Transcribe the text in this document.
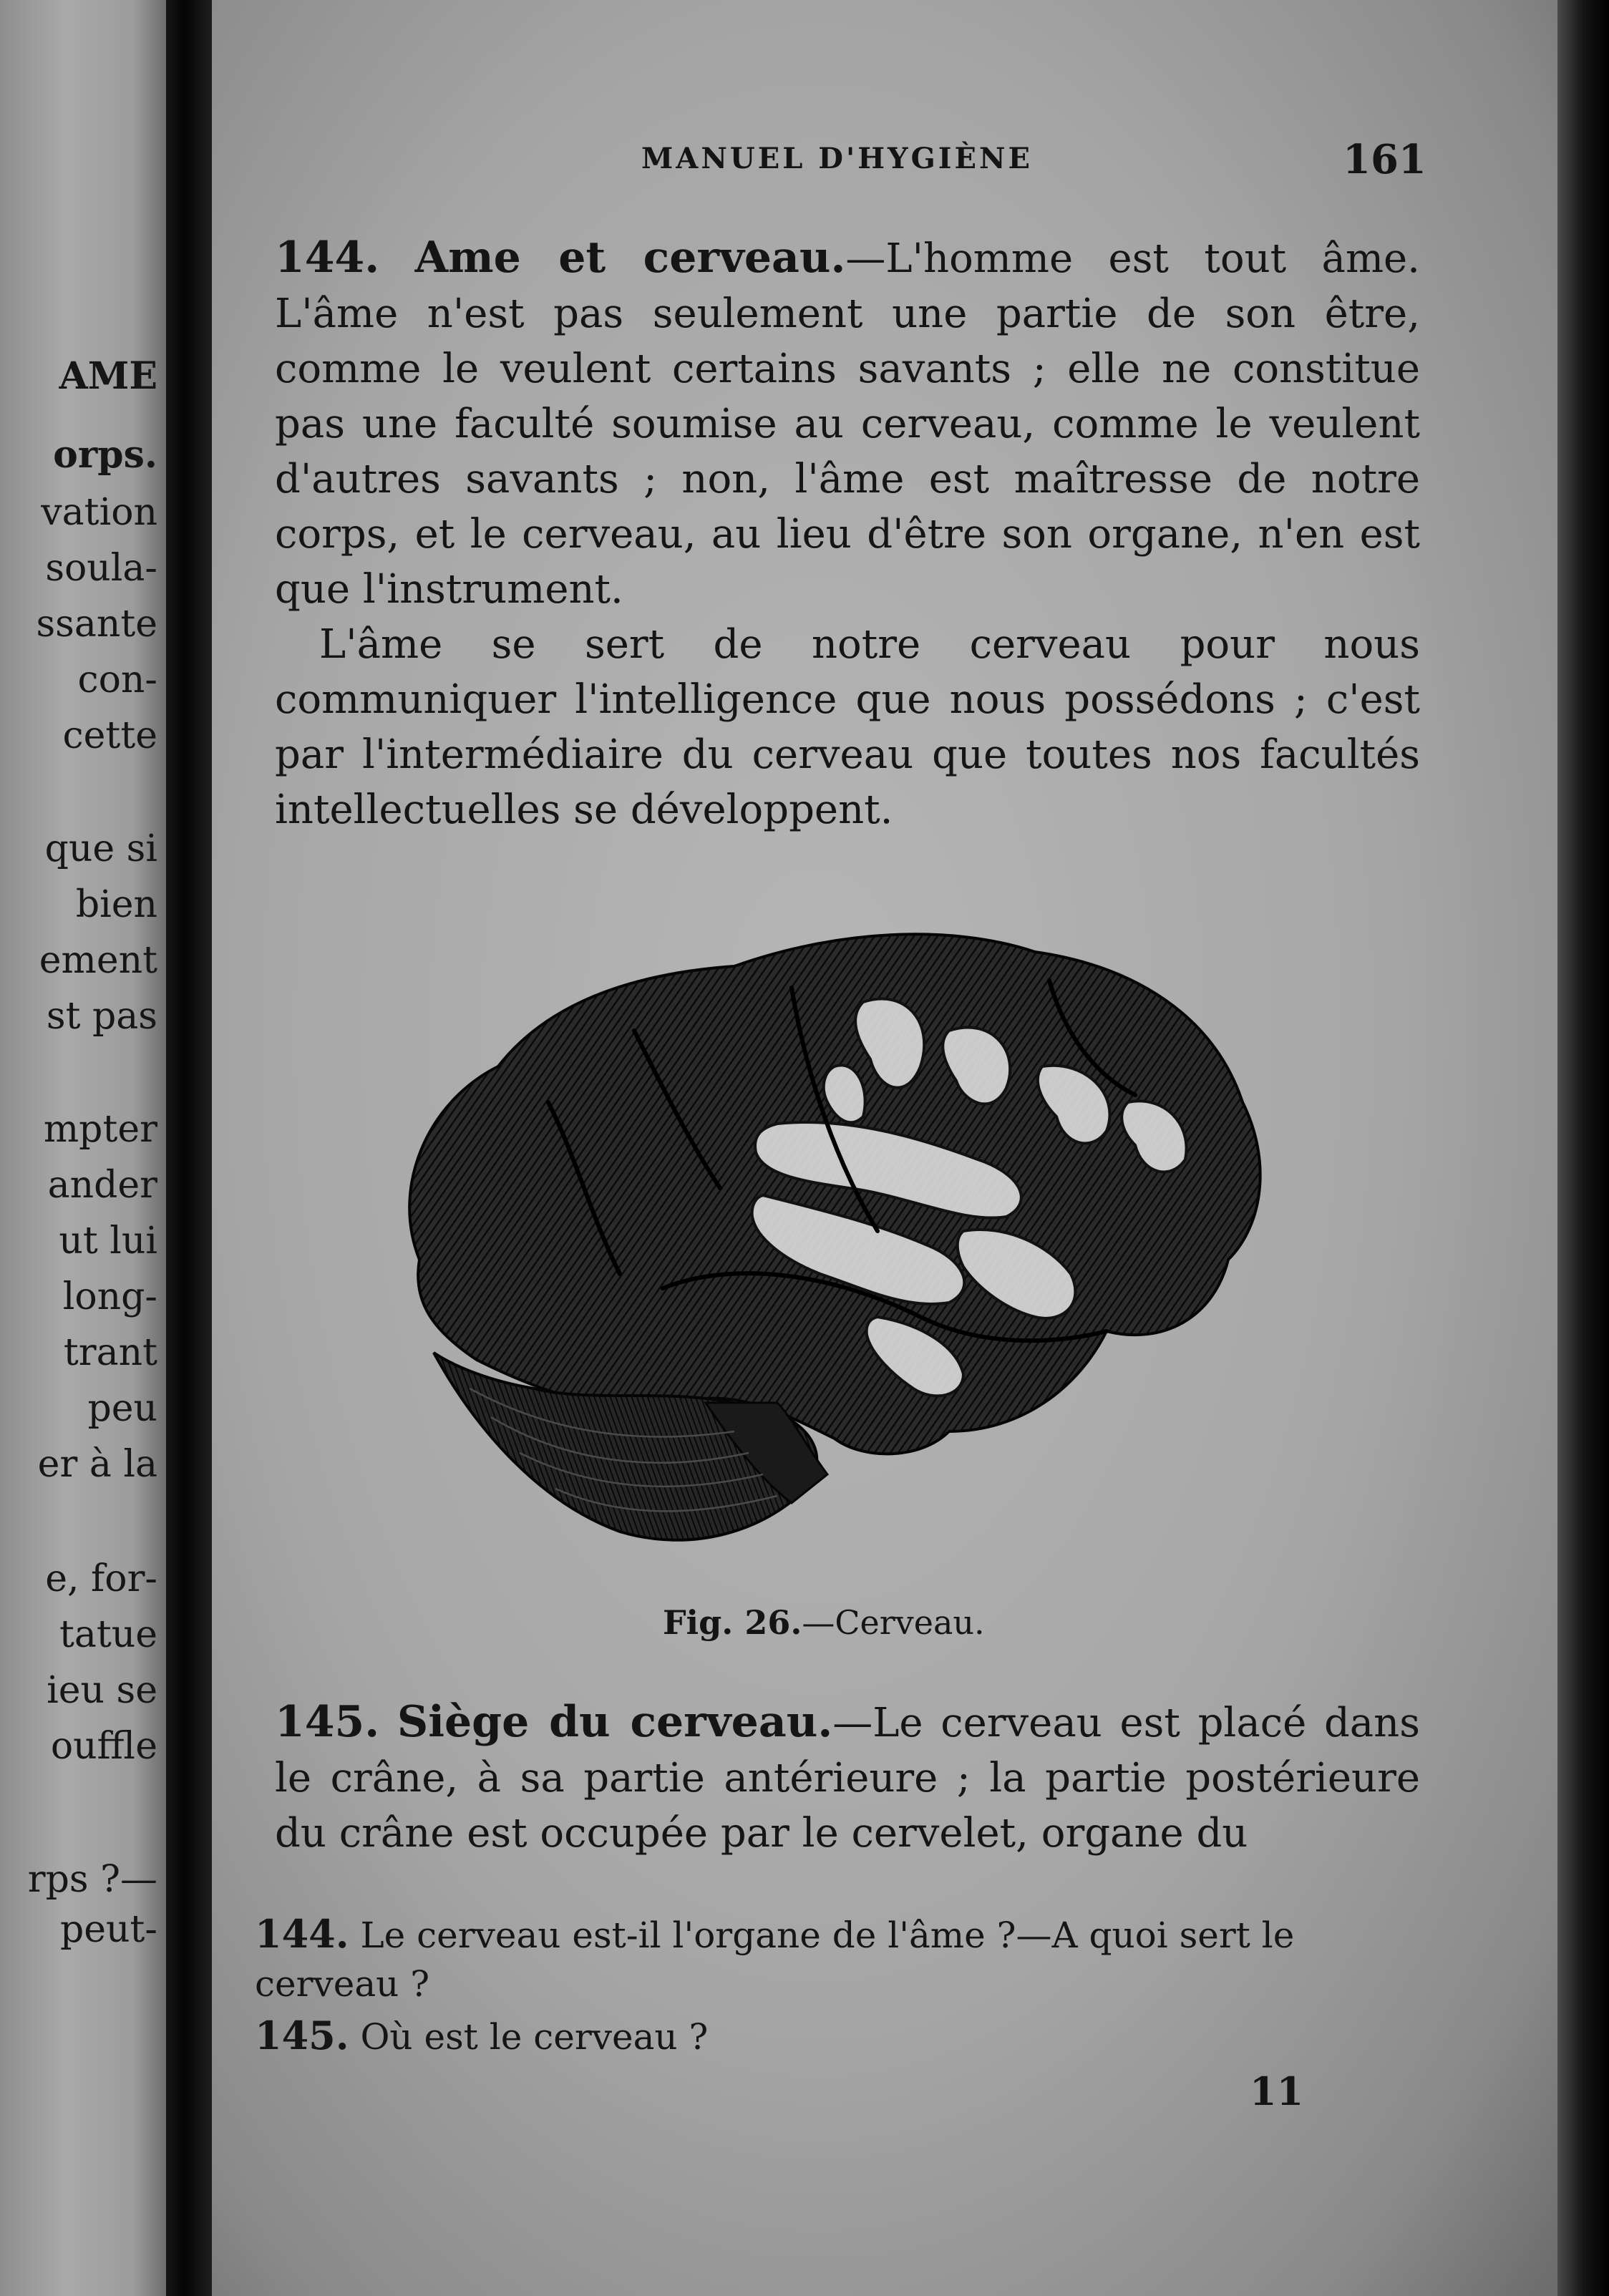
AME
orps.
vation
soula-
ssante
con-
cette
que si
bien
ement
st pas
mpter
ander
ut lui
long-
trant
peu
er à la
e, for-
tatue
ieu se
ouffle
rps ?—
peut-
MANUEL D'HYGIÈNE	161
144. Ame et cerveau.—L'homme est tout âme. L'âme n'est pas seulement une partie de son être, comme le veulent certains savants ; elle ne constitue pas une faculté soumise au cerveau, comme le veulent d'autres savants ; non, l'âme est maîtresse de notre corps, et le cerveau, au lieu d'être son organe, n'en est que l'instrument.
L'âme se sert de notre cerveau pour nous communiquer l'intelligence que nous possédons ; c'est par l'intermédiaire du cerveau que toutes nos facultés intellectuelles se développent.
Fig. 26.—Cerveau.
145. Siège du cerveau.—Le cerveau est placé dans le crâne, à sa partie antérieure ; la partie postérieure du crâne est occupée par le cervelet, organe du
144. Le cerveau est-il l'organe de l'âme ?—A quoi sert le cerveau ?
145. Où est le cerveau ?
11
